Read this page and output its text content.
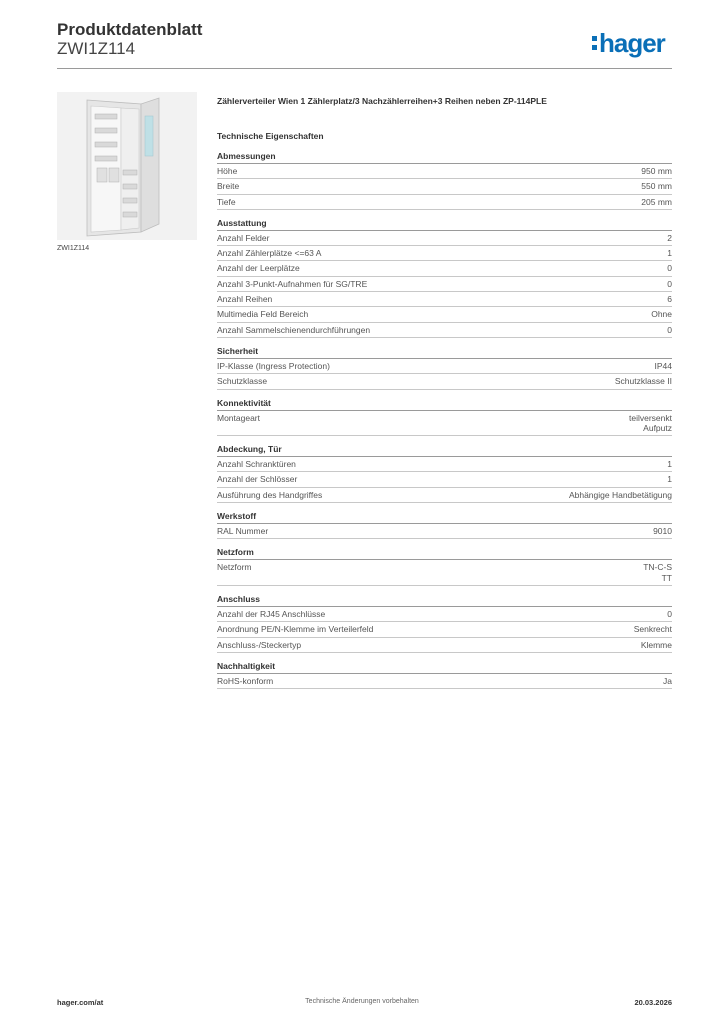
Produktdatenblatt
ZWI1Z114	hager
ZWI1Z114
Zählerverteiler Wien 1 Zählerplatz/3 Nachzählerreihen+3 Reihen neben ZP-114PLE
Technische Eigenschaften
Abmessungen
Höhe	950 mm
Breite	550 mm
Tiefe	205 mm
Ausstattung
Anzahl Felder	2
Anzahl Zählerplätze <=63 A	1
Anzahl der Leerplätze	0
Anzahl 3-Punkt-Aufnahmen für SG/TRE	0
Anzahl Reihen	6
Multimedia Feld Bereich	Ohne
Anzahl Sammelschienendurchführungen	0
Sicherheit
IP-Klasse (Ingress Protection)	IP44
Schutzklasse	Schutzklasse II
Konnektivität
Montageart	teilversenkt
Aufputz
Abdeckung, Tür
Anzahl Schranktüren	1
Anzahl der Schlösser	1
Ausführung des Handgriffes	Abhängige Handbetätigung
Werkstoff
RAL Nummer	9010
Netzform
Netzform	TN-C-S
TT
Anschluss
Anzahl der RJ45 Anschlüsse	0
Anordnung PE/N-Klemme im Verteilerfeld	Senkrecht
Anschluss-/Steckertyp	Klemme
Nachhaltigkeit
RoHS-konform	Ja
hager.com/at	Technische Änderungen vorbehalten	20.03.2026
